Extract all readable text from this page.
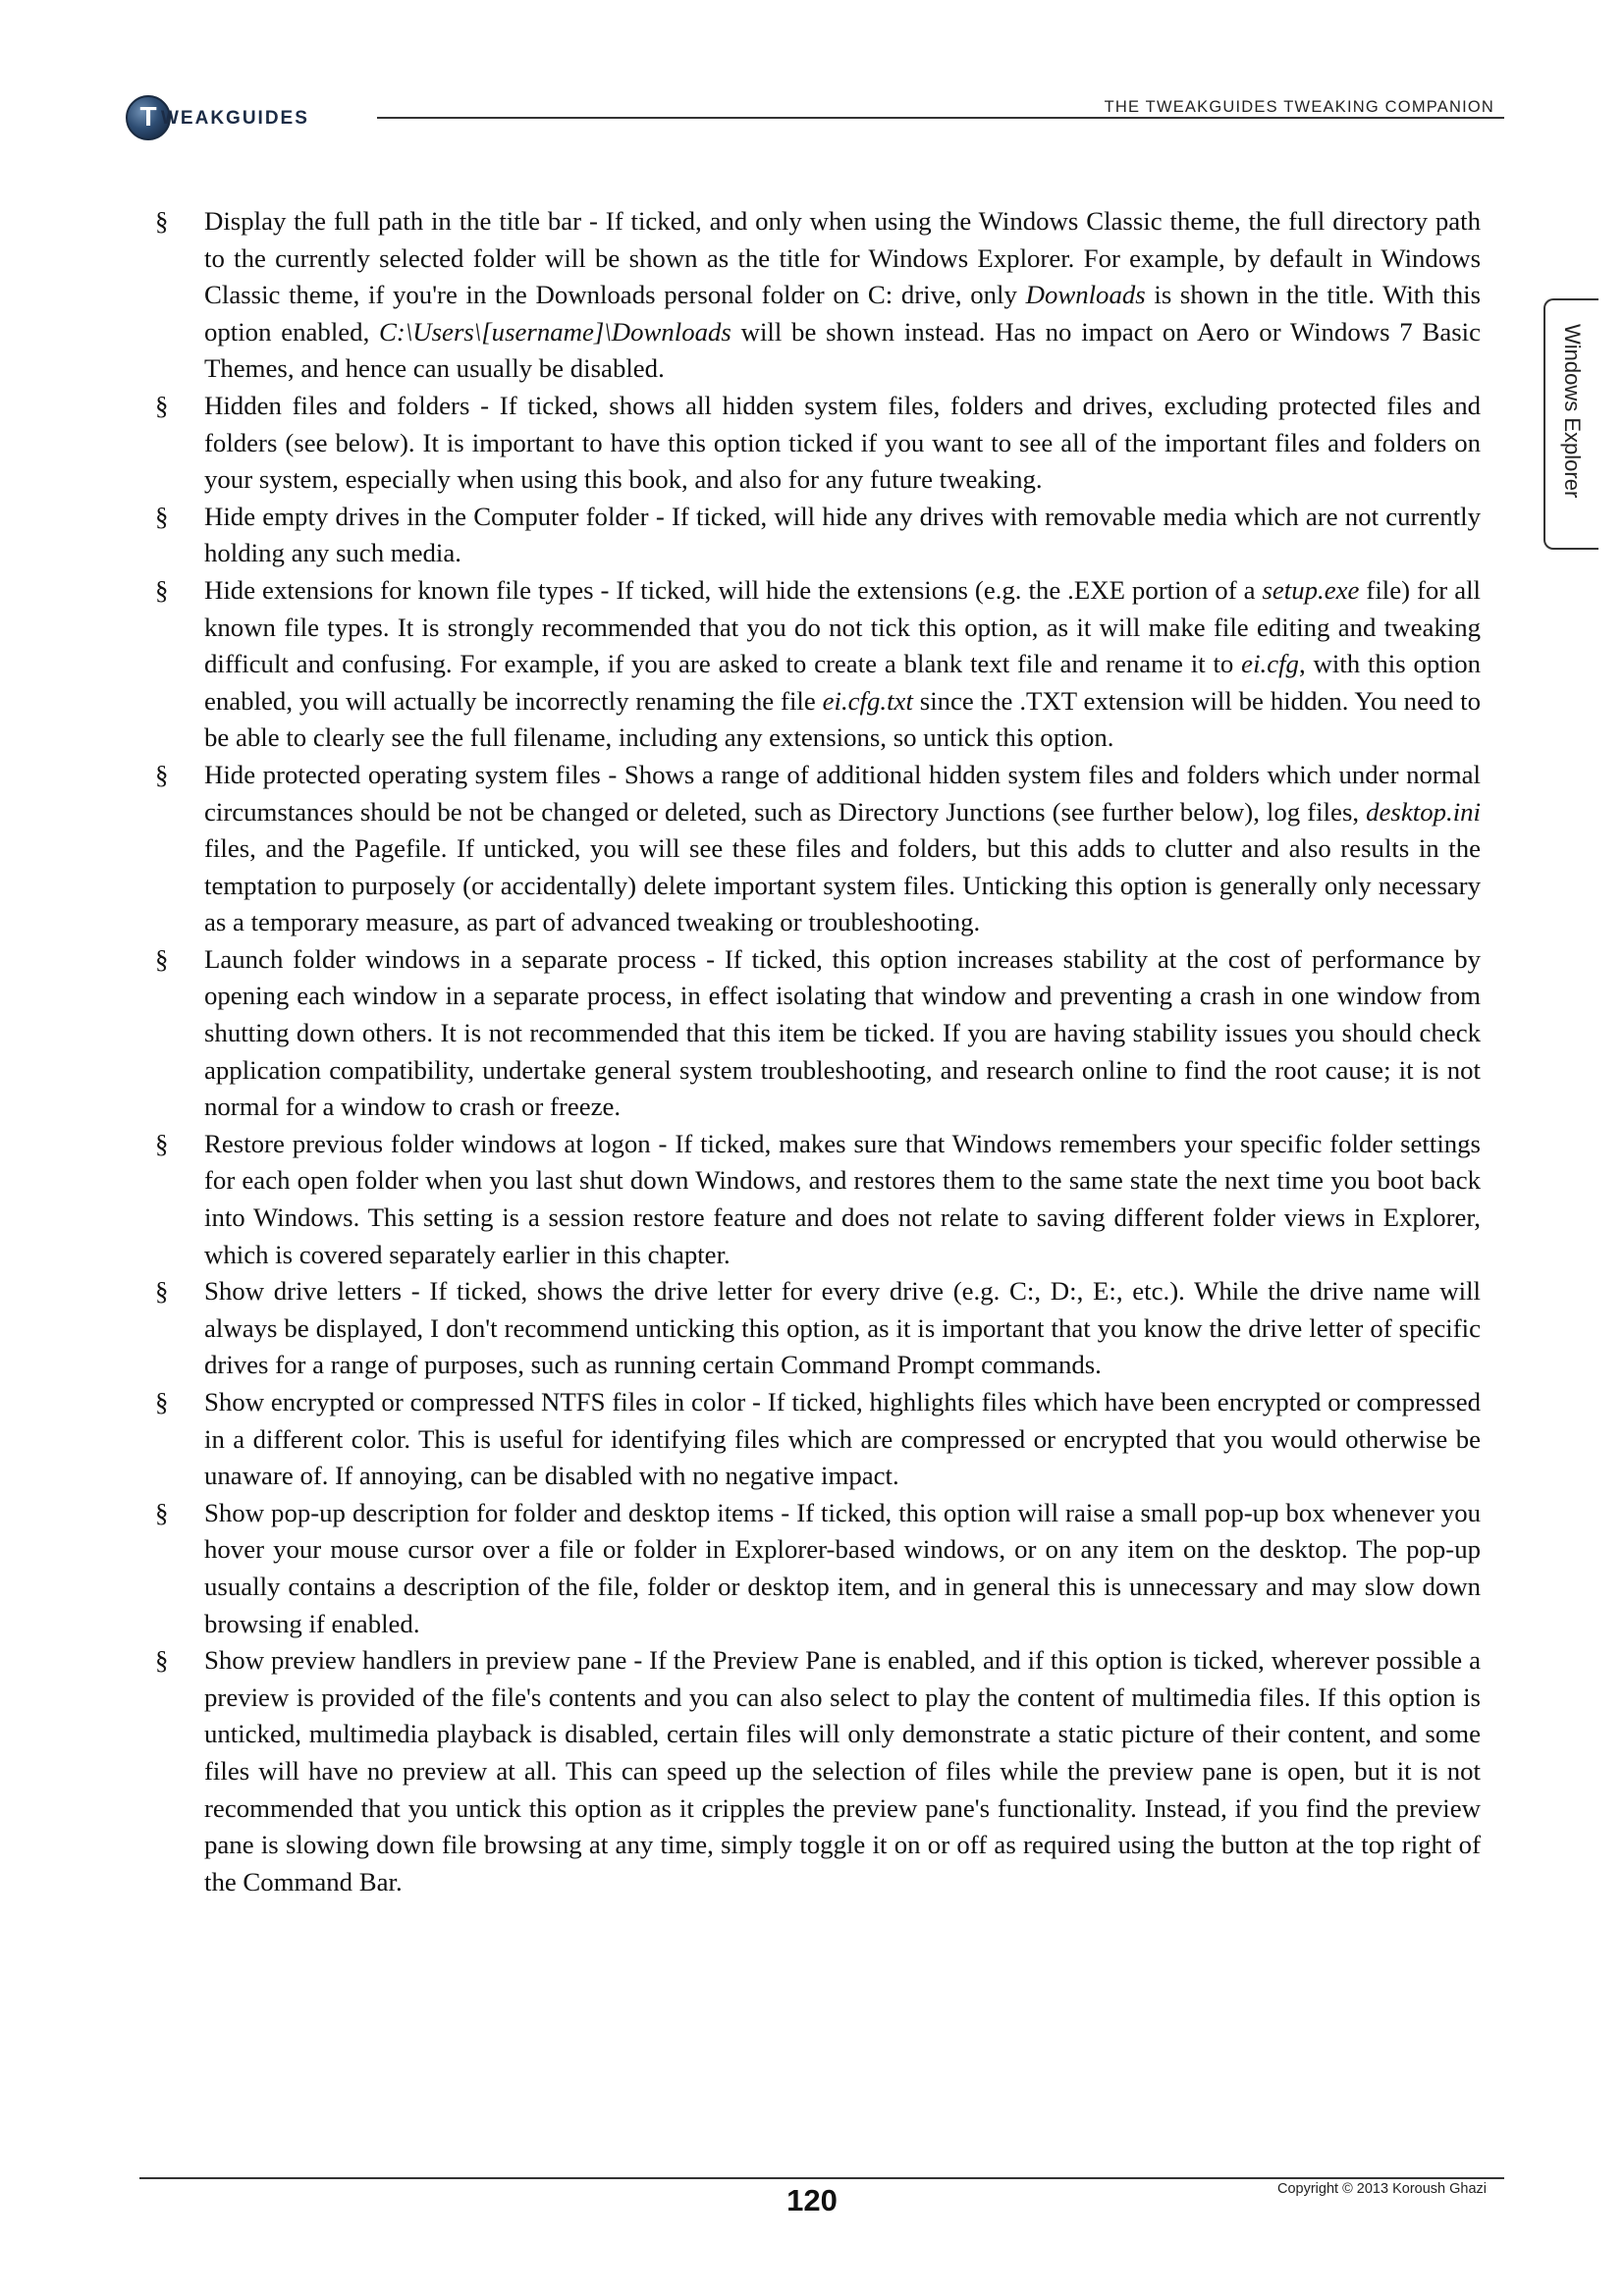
T WEAKGUIDES
THE TWEAKGUIDES TWEAKING COMPANION
Windows Explorer
§ Display the full path in the title bar - If ticked, and only when using the Windows Classic theme, the full directory path to the currently selected folder will be shown as the title for Windows Explorer. For example, by default in Windows Classic theme, if you're in the Downloads personal folder on C: drive, only Downloads is shown in the title. With this option enabled, C:\Users\[username]\Downloads will be shown instead. Has no impact on Aero or Windows 7 Basic Themes, and hence can usually be disabled.
§ Hidden files and folders - If ticked, shows all hidden system files, folders and drives, excluding protected files and folders (see below). It is important to have this option ticked if you want to see all of the important files and folders on your system, especially when using this book, and also for any future tweaking.
§ Hide empty drives in the Computer folder - If ticked, will hide any drives with removable media which are not currently holding any such media.
§ Hide extensions for known file types - If ticked, will hide the extensions (e.g. the .EXE portion of a setup.exe file) for all known file types. It is strongly recommended that you do not tick this option, as it will make file editing and tweaking difficult and confusing. For example, if you are asked to create a blank text file and rename it to ei.cfg, with this option enabled, you will actually be incorrectly renaming the file ei.cfg.txt since the .TXT extension will be hidden. You need to be able to clearly see the full filename, including any extensions, so untick this option.
§ Hide protected operating system files - Shows a range of additional hidden system files and folders which under normal circumstances should be not be changed or deleted, such as Directory Junctions (see further below), log files, desktop.ini files, and the Pagefile. If unticked, you will see these files and folders, but this adds to clutter and also results in the temptation to purposely (or accidentally) delete important system files. Unticking this option is generally only necessary as a temporary measure, as part of advanced tweaking or troubleshooting.
§ Launch folder windows in a separate process - If ticked, this option increases stability at the cost of performance by opening each window in a separate process, in effect isolating that window and preventing a crash in one window from shutting down others. It is not recommended that this item be ticked. If you are having stability issues you should check application compatibility, undertake general system troubleshooting, and research online to find the root cause; it is not normal for a window to crash or freeze.
§ Restore previous folder windows at logon - If ticked, makes sure that Windows remembers your specific folder settings for each open folder when you last shut down Windows, and restores them to the same state the next time you boot back into Windows. This setting is a session restore feature and does not relate to saving different folder views in Explorer, which is covered separately earlier in this chapter.
§ Show drive letters - If ticked, shows the drive letter for every drive (e.g. C:, D:, E:, etc.). While the drive name will always be displayed, I don't recommend unticking this option, as it is important that you know the drive letter of specific drives for a range of purposes, such as running certain Command Prompt commands.
§ Show encrypted or compressed NTFS files in color - If ticked, highlights files which have been encrypted or compressed in a different color. This is useful for identifying files which are compressed or encrypted that you would otherwise be unaware of. If annoying, can be disabled with no negative impact.
§ Show pop-up description for folder and desktop items - If ticked, this option will raise a small pop-up box whenever you hover your mouse cursor over a file or folder in Explorer-based windows, or on any item on the desktop. The pop-up usually contains a description of the file, folder or desktop item, and in general this is unnecessary and may slow down browsing if enabled.
§ Show preview handlers in preview pane - If the Preview Pane is enabled, and if this option is ticked, wherever possible a preview is provided of the file's contents and you can also select to play the content of multimedia files. If this option is unticked, multimedia playback is disabled, certain files will only demonstrate a static picture of their content, and some files will have no preview at all. This can speed up the selection of files while the preview pane is open, but it is not recommended that you untick this option as it cripples the preview pane's functionality. Instead, if you find the preview pane is slowing down file browsing at any time, simply toggle it on or off as required using the button at the top right of the Command Bar.
120	Copyright © 2013 Koroush Ghazi
